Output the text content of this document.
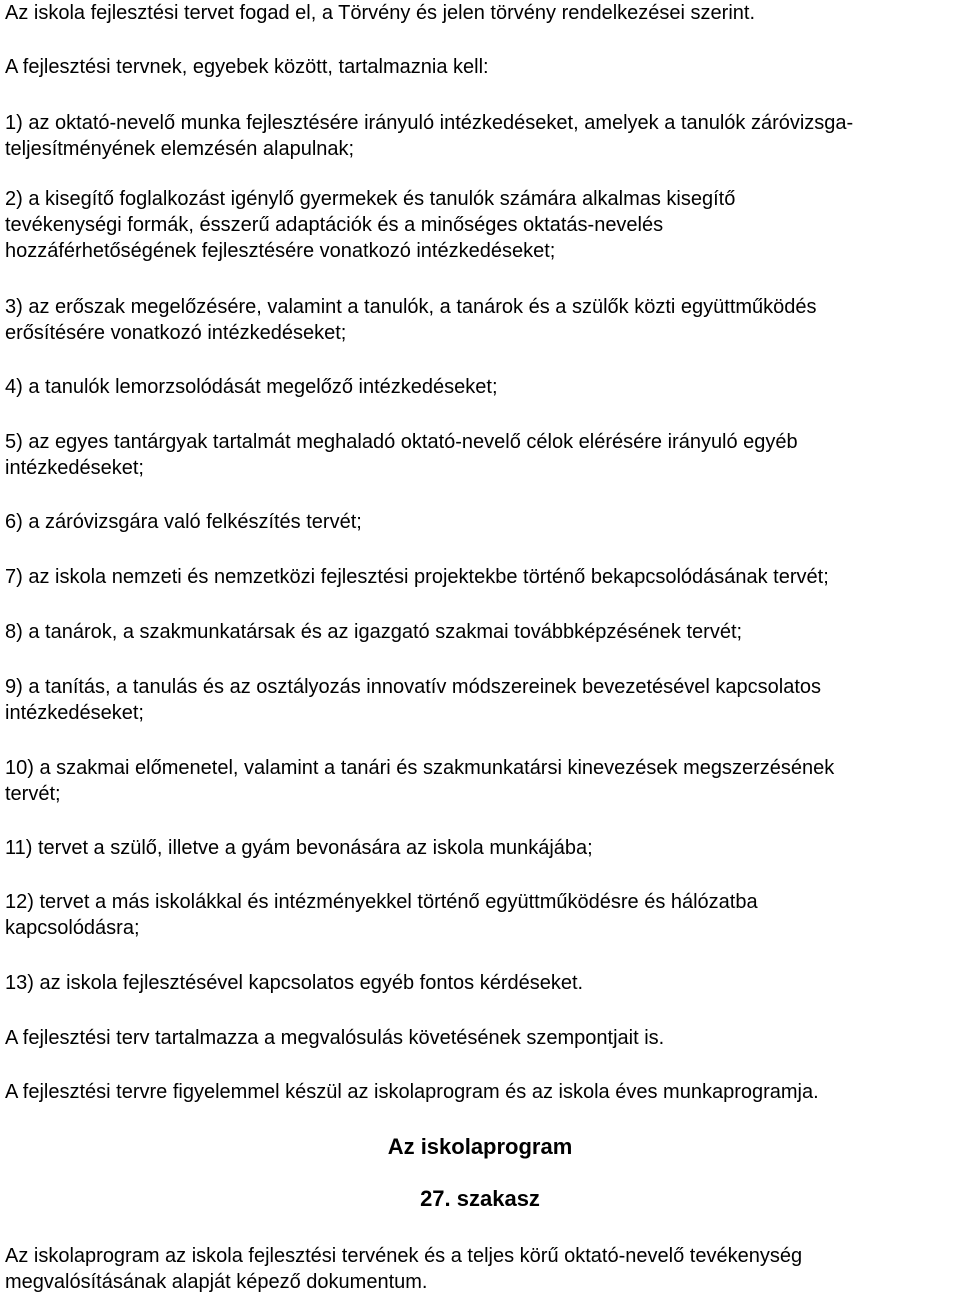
Az iskola fejlesztési tervet fogad el, a Törvény és jelen törvény rendelkezései szerint.

A fejlesztési tervnek, egyebek között, tartalmaznia kell:

1) az oktató-nevelő munka fejlesztésére irányuló intézkedéseket, amelyek a tanulók záróvizsga-
teljesítményének elemzésén alapulnak;

2) a kisegítő foglalkozást igénylő gyermekek és tanulók számára alkalmas kisegítő
tevékenységi formák, ésszerű adaptációk és a minőséges oktatás-nevelés
hozzáférhetőségének fejlesztésére vonatkozó intézkedéseket;

3) az erőszak megelőzésére, valamint a tanulók, a tanárok és a szülők közti együttműködés
erősítésére vonatkozó intézkedéseket;

4) a tanulók lemorzsolódását megelőző intézkedéseket;

5) az egyes tantárgyak tartalmát meghaladó oktató-nevelő célok elérésére irányuló egyéb
intézkedéseket;

6) a záróvizsgára való felkészítés tervét;

7) az iskola nemzeti és nemzetközi fejlesztési projektekbe történő bekapcsolódásának tervét;

8) a tanárok, a szakmunkatársak és az igazgató szakmai továbbképzésének tervét;

9) a tanítás, a tanulás és az osztályozás innovatív módszereinek bevezetésével kapcsolatos
intézkedéseket;

10) a szakmai előmenetel, valamint a tanári és szakmunkatársi kinevezések megszerzésének
tervét;

11) tervet a szülő, illetve a gyám bevonására az iskola munkájába;

12) tervet a más iskolákkal és intézményekkel történő együttműködésre és hálózatba
kapcsolódásra;

13) az iskola fejlesztésével kapcsolatos egyéb fontos kérdéseket.

A fejlesztési terv tartalmazza a megvalósulás követésének szempontjait is.

A fejlesztési tervre figyelemmel készül az iskolaprogram és az iskola éves munkaprogramja.

Az iskolaprogram
27. szakasz

Az iskolaprogram az iskola fejlesztési tervének és a teljes körű oktató-nevelő tevékenység
megvalósításának alapját képező dokumentum.
